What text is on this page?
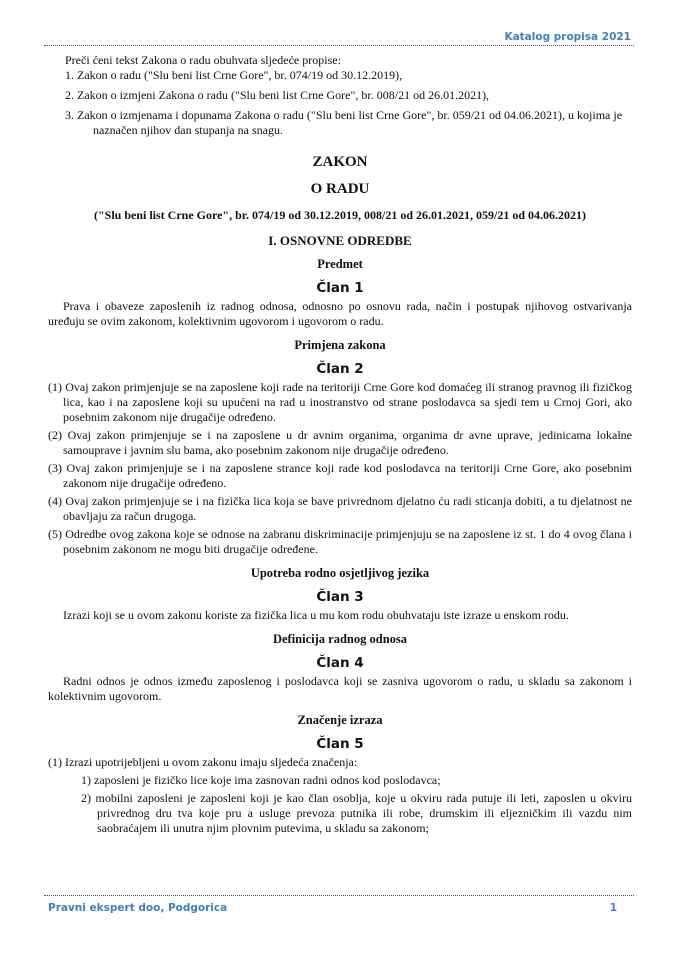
Katalog propisa 2021

Preči ćeni tekst Zakona o radu obuhvata sljedeće propise:

1. Zakon o radu ("Slu beni list Crne Gore", br. 074/19 od 30.12.2019),
2. Zakon o izmjeni Zakona o radu ("Slu beni list Crne Gore", br. 008/21 od 26.01.2021),
3. Zakon o izmjenama i dopunama Zakona o radu ("Slu beni list Crne Gore", br. 059/21 od 04.06.2021), u kojima je naznačen njihov dan stupanja na snagu.
ZAKON
O RADU
("Slu beni list Crne Gore", br. 074/19 od 30.12.2019, 008/21 od 26.01.2021, 059/21 od 04.06.2021)
I. OSNOVNE ODREDBE
Predmet
Član 1

Prava i obaveze zaposlenih iz radnog odnosa, odnosno po osnovu rada, način i postupak njihovog ostvarivanja uređuju se ovim zakonom, kolektivnim ugovorom i ugovorom o radu.

Primjena zakona
Član 2
(1) Ovaj zakon primjenjuje se na zaposlene koji rade na teritoriji Crne Gore kod domaćeg ili stranog pravnog ili fizičkog lica, kao i na zaposlene koji su upućeni na rad u inostranstvo od strane poslodavca sa sjedi tem u Crnoj Gori, ako posebnim zakonom nije drugačije određeno.
(2) Ovaj zakon primjenjuje se i na zaposlene u dr avnim organima, organima dr avne uprave, jedinicama lokalne samouprave i javnim slu bama, ako posebnim zakonom nije drugačije određeno.
(3) Ovaj zakon primjenjuje se i na zaposlene strance koji rade kod poslodavca na teritoriji Crne Gore, ako posebnim zakonom nije drugačije određeno.
(4) Ovaj zakon primjenjuje se i na fizička lica koja se bave privrednom djelatno ću radi sticanja dobiti, a tu djelatnost ne obavljaju za račun drugoga.
(5) Odredbe ovog zakona koje se odnose na zabranu diskriminacije primjenjuju se na zaposlene iz st. 1 do 4 ovog člana i posebnim zakonom ne mogu biti drugačije određene.
Upotreba rodno osjetljivog jezika
Član 3

Izrazi koji se u ovom zakonu koriste za fizička lica u mu kom rodu obuhvataju iste izraze u enskom rodu.

Definicija radnog odnosa
Član 4

Radni odnos je odnos između zaposlenog i poslodavca koji se zasniva ugovorom o radu, u skladu sa zakonom i kolektivnim ugovorom.

Značenje izraza
Član 5
(1) Izrazi upotrijebljeni u ovom zakonu imaju sljedeća značenja:
1) zaposleni je fizičko lice koje ima zasnovan radni odnos kod poslodavca;
2) mobilni zaposleni je zaposleni koji je kao član osoblja, koje u okviru rada putuje ili leti, zaposlen u okviru privrednog dru tva koje pru a usluge prevoza putnika ili robe, drumskim ili eljezničkim ili vazdu nim saobraćajem ili unutra njim plovnim putevima, u skladu sa zakonom;
Pravni ekspert doo, Podgorica	1
